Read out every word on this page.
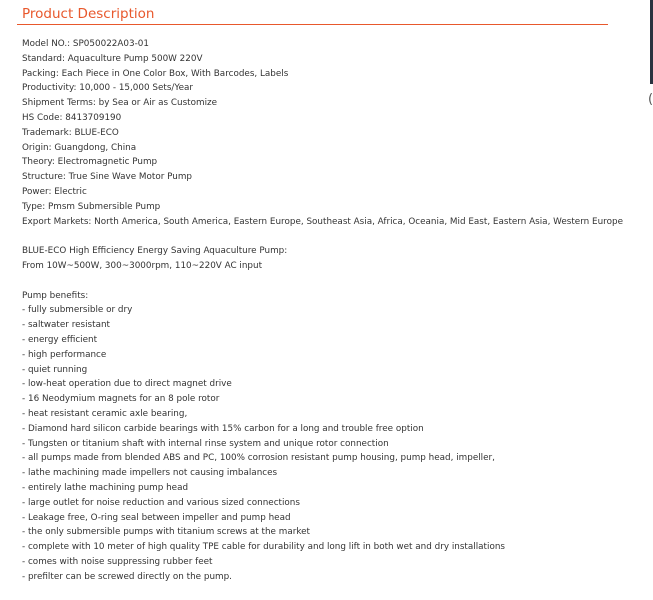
Product Description
(
Model NO.: SP050022A03-01
Standard: Aquaculture Pump 500W 220V
Packing: Each Piece in One Color Box, With Barcodes, Labels
Productivity: 10,000 - 15,000 Sets/Year
Shipment Terms: by Sea or Air as Customize
HS Code: 8413709190
Trademark: BLUE-ECO
Origin: Guangdong, China
Theory: Electromagnetic Pump
Structure: True Sine Wave Motor Pump
Power: Electric
Type: Pmsm Submersible Pump
Export Markets: North America, South America, Eastern Europe, Southeast Asia, Africa, Oceania, Mid East, Eastern Asia, Western Europe
BLUE-ECO High Efficiency Energy Saving Aquaculture Pump:
From 10W~500W, 300~3000rpm, 110~220V AC input
Pump benefits:
- fully submersible or dry
- saltwater resistant
- energy efficient
- high performance
- quiet running
- low-heat operation due to direct magnet drive
- 16 Neodymium magnets for an 8 pole rotor
- heat resistant ceramic axle bearing,
- Diamond hard silicon carbide bearings with 15% carbon for a long and trouble free option
- Tungsten or titanium shaft with internal rinse system and unique rotor connection
- all pumps made from blended ABS and PC, 100% corrosion resistant pump housing, pump head, impeller,
- lathe machining made impellers not causing imbalances
- entirely lathe machining pump head
- large outlet for noise reduction and various sized connections
- Leakage free, O-ring seal between impeller and pump head
- the only submersible pumps with titanium screws at the market
- complete with 10 meter of high quality TPE cable for durability and long lift in both wet and dry installations
- comes with noise suppressing rubber feet
- prefilter can be screwed directly on the pump.
